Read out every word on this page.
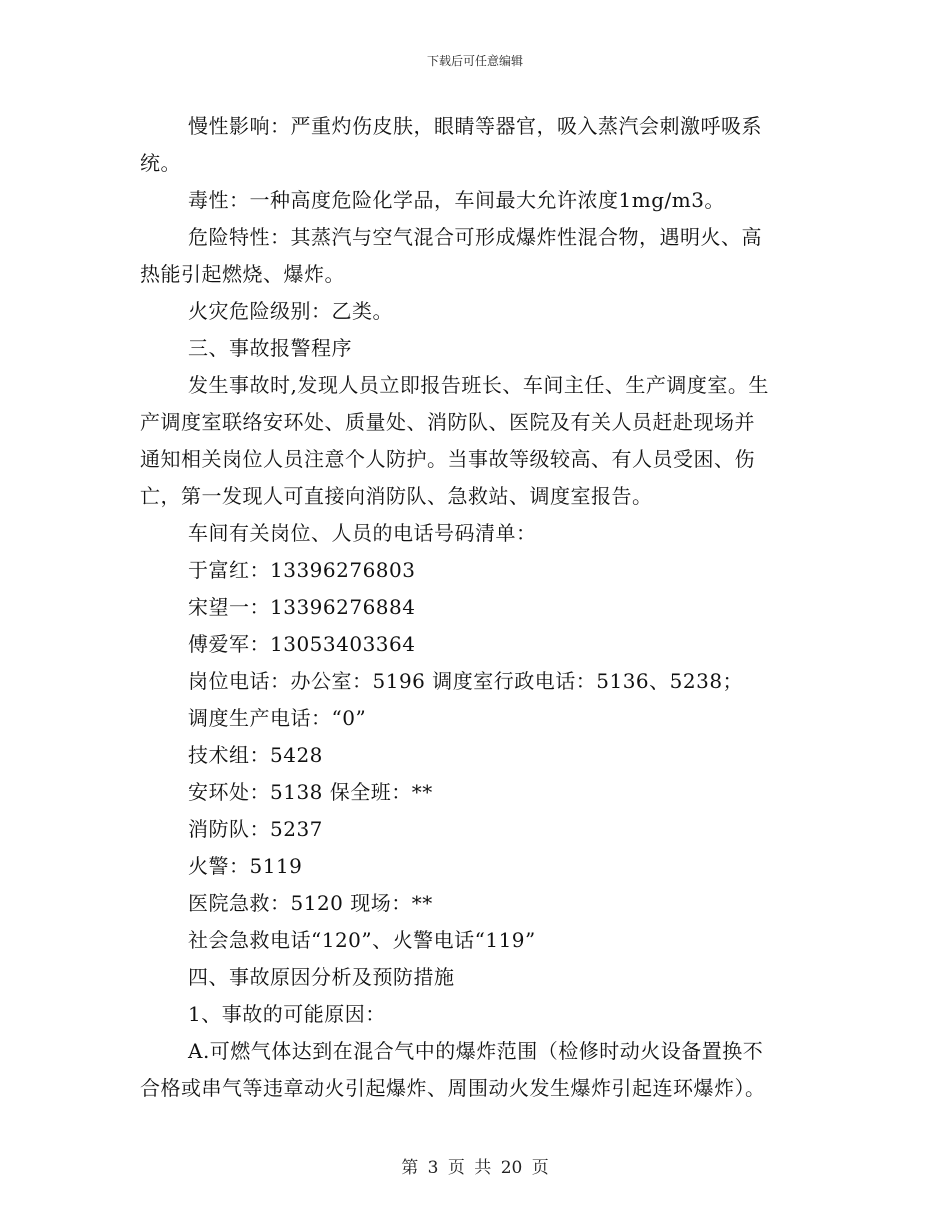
下载后可任意编辑
慢性影响：严重灼伤皮肤，眼睛等器官，吸入蒸汽会刺激呼吸系
统。
毒性：一种高度危险化学品，车间最大允许浓度1mg/m3。
危险特性：其蒸汽与空气混合可形成爆炸性混合物，遇明火、高
热能引起燃烧、爆炸。
火灾危险级别：乙类。
三、事故报警程序
发生事故时,发现人员立即报告班长、车间主任、生产调度室。生
产调度室联络安环处、质量处、消防队、医院及有关人员赶赴现场并
通知相关岗位人员注意个人防护。当事故等级较高、有人员受困、伤
亡，第一发现人可直接向消防队、急救站、调度室报告。
车间有关岗位、人员的电话号码清单：
于富红：13396276803
宋望一：13396276884
傅爱军：13053403364
岗位电话：办公室：5196 调度室行政电话：5136、5238；
调度生产电话：“0”
技术组：5428
安环处：5138 保全班：**
消防队：5237
火警：5119
医院急救：5120 现场：**
社会急救电话“120”、火警电话“119”
四、事故原因分析及预防措施
1、事故的可能原因：
A.可燃气体达到在混合气中的爆炸范围（检修时动火设备置换不
合格或串气等违章动火引起爆炸、周围动火发生爆炸引起连环爆炸）。
第 3 页 共 20 页
